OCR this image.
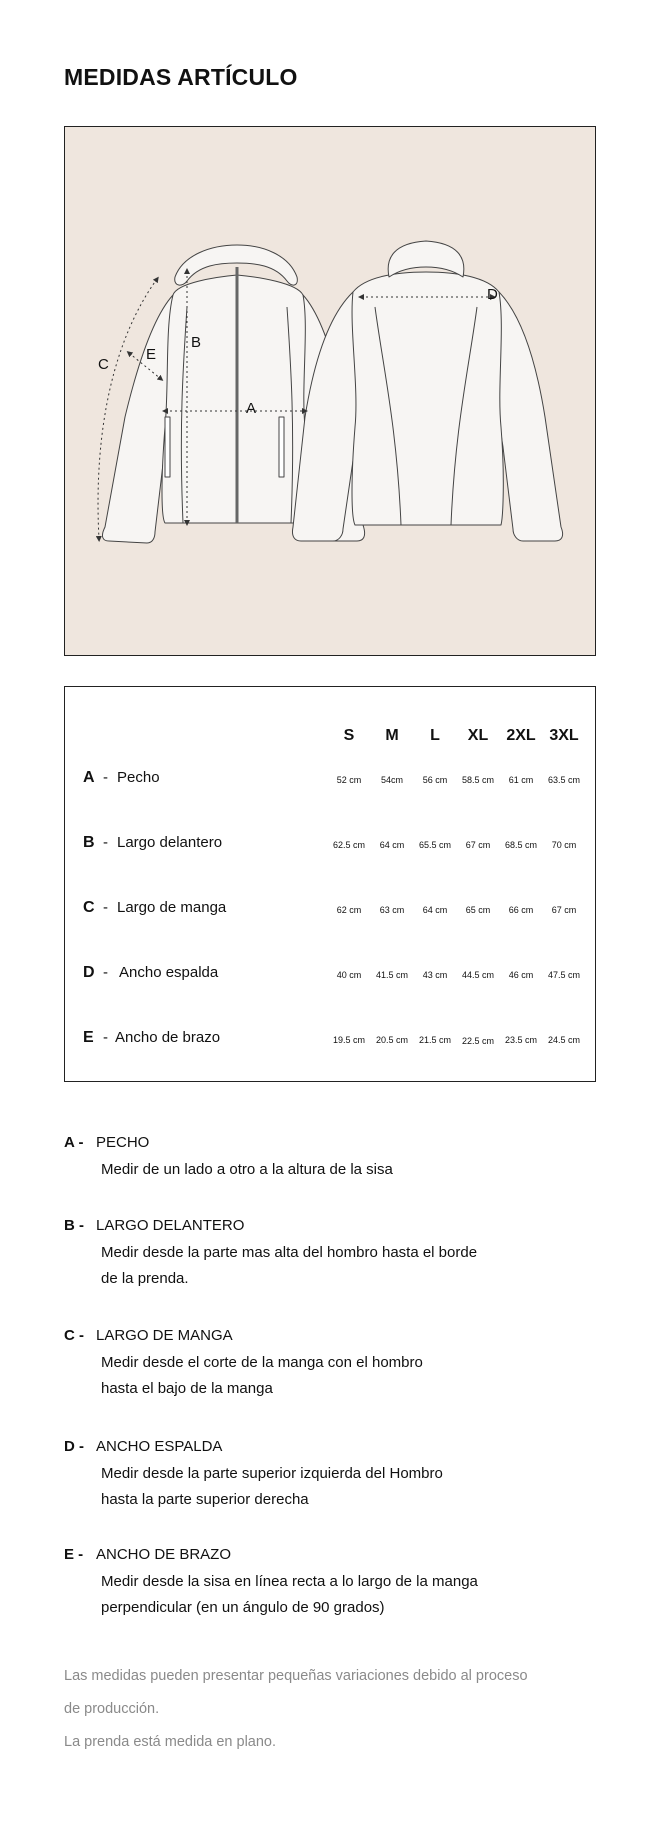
MEDIDAS ARTÍCULO
A
B
C
E
D
S	M	L	XL	2XL 3XL
A - Pecho	52 cm	54cm	56 cm	58.5 cm	61 cm	63.5 cm
B - Largo delantero	62.5 cm	64 cm	65.5 cm	67 cm	68.5 cm	70 cm
C - Largo de manga	62 cm	63 cm	64 cm	65 cm	66 cm	67 cm
D - Ancho espalda	40 cm	41.5 cm	43 cm	44.5 cm	46 cm	47.5 cm
E - Ancho de brazo	19.5 cm	20.5 cm	21.5 cm	22.5 cm	23.5 cm	24.5 cm
A - PECHO
Medir de un lado a otro a la altura de la sisa
B - LARGO DELANTERO
Medir desde la parte mas alta del hombro hasta el borde
de la prenda.
C - LARGO DE MANGA
Medir desde el corte de la manga con el hombro
hasta el bajo de la manga
D - ANCHO ESPALDA
Medir desde la parte superior izquierda del Hombro
hasta la parte superior derecha
E - ANCHO DE BRAZO
Medir desde la sisa en línea recta a lo largo de la manga
perpendicular (en un ángulo de 90 grados)
Las medidas pueden presentar pequeñas variaciones debido al proceso
de producción.
La prenda está medida en plano.
